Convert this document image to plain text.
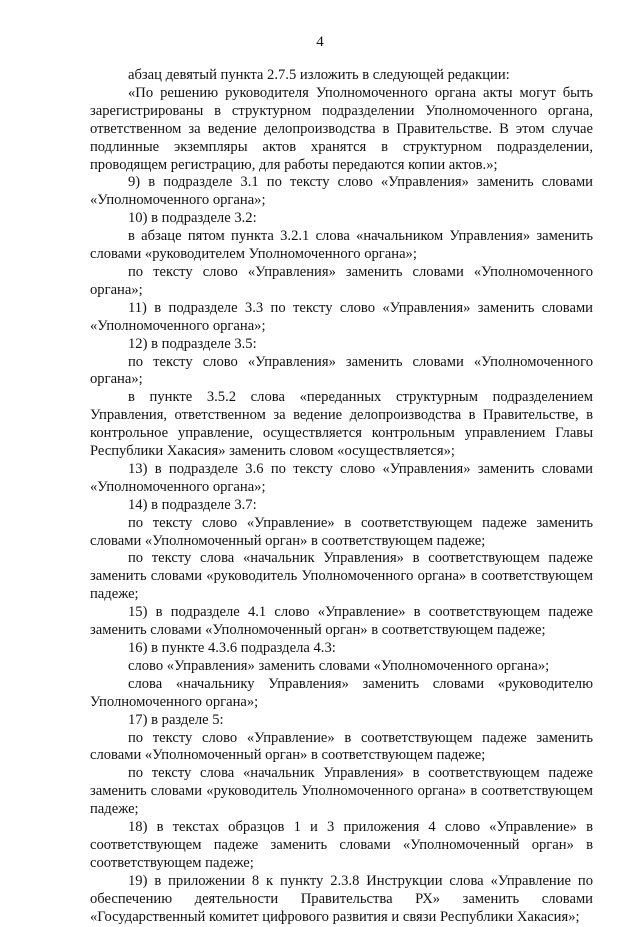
4

абзац девятый пункта 2.7.5 изложить в следующей редакции:

«По решению руководителя Уполномоченного органа акты могут быть зарегистрированы в структурном подразделении Уполномоченного органа, ответственном за ведение делопроизводства в Правительстве. В этом случае подлинные экземпляры актов хранятся в структурном подразделении, проводящем регистрацию, для работы передаются копии актов.»;

9) в подразделе 3.1 по тексту слово «Управления» заменить словами «Уполномоченного органа»;

10) в подразделе 3.2:

в абзаце пятом пункта 3.2.1 слова «начальником Управления» заменить словами «руководителем Уполномоченного органа»;

по тексту слово «Управления» заменить словами «Уполномоченного органа»;

11) в подразделе 3.3 по тексту слово «Управления» заменить словами «Уполномоченного органа»;

12) в подразделе 3.5:

по тексту слово «Управления» заменить словами «Уполномоченного органа»;

в пункте 3.5.2 слова «переданных структурным подразделением Управления, ответственном за ведение делопроизводства в Правительстве, в контрольное управление, осуществляется контрольным управлением Главы Республики Хакасия» заменить словом «осуществляется»;

13) в подразделе 3.6 по тексту слово «Управления» заменить словами «Уполномоченного органа»;

14) в подразделе 3.7:

по тексту слово «Управление» в соответствующем падеже заменить словами «Уполномоченный орган» в соответствующем падеже;

по тексту слова «начальник Управления» в соответствующем падеже заменить словами «руководитель Уполномоченного органа» в соответствующем падеже;

15) в подразделе 4.1 слово «Управление» в соответствующем падеже заменить словами «Уполномоченный орган» в соответствующем падеже;

16) в пункте 4.3.6 подраздела 4.3:

слово «Управления» заменить словами «Уполномоченного органа»;

слова «начальнику Управления» заменить словами «руководителю Уполномоченного органа»;

17) в разделе 5:

по тексту слово «Управление» в соответствующем падеже заменить словами «Уполномоченный орган» в соответствующем падеже;

по тексту слова «начальник Управления» в соответствующем падеже заменить словами «руководитель Уполномоченного органа» в соответствующем падеже;

18) в текстах образцов 1 и 3 приложения 4 слово «Управление» в соответствующем падеже заменить словами «Уполномоченный орган» в соответствующем падеже;

19) в приложении 8 к пункту 2.3.8 Инструкции слова «Управление по обеспечению деятельности Правительства РХ» заменить словами «Государственный комитет цифрового развития и связи Республики Хакасия»;
